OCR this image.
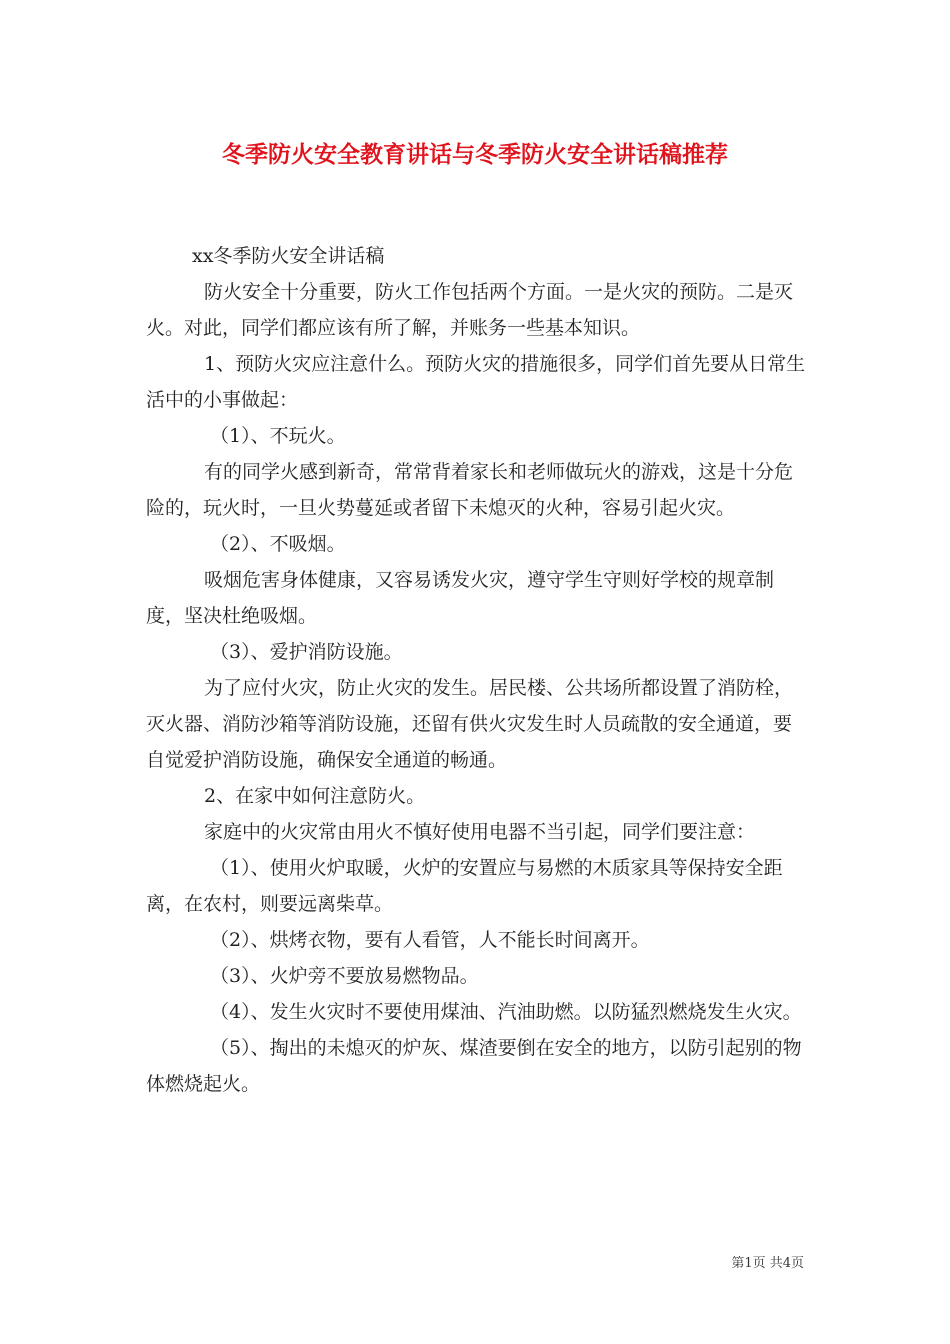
冬季防火安全教育讲话与冬季防火安全讲话稿推荐

xx冬季防火安全讲话稿

防火安全十分重要，防火工作包括两个方面。一是火灾的预防。二是灭火。对此，同学们都应该有所了解，并账务一些基本知识。

1、预防火灾应注意什么。预防火灾的措施很多，同学们首先要从日常生活中的小事做起：

（1）、不玩火。

有的同学火感到新奇，常常背着家长和老师做玩火的游戏，这是十分危险的，玩火时，一旦火势蔓延或者留下未熄灭的火种，容易引起火灾。

（2）、不吸烟。

吸烟危害身体健康，又容易诱发火灾，遵守学生守则好学校的规章制度，坚决杜绝吸烟。

（3）、爱护消防设施。

为了应付火灾，防止火灾的发生。居民楼、公共场所都设置了消防栓，灭火器、消防沙箱等消防设施，还留有供火灾发生时人员疏散的安全通道，要自觉爱护消防设施，确保安全通道的畅通。

2、在家中如何注意防火。

家庭中的火灾常由用火不慎好使用电器不当引起，同学们要注意：

（1）、使用火炉取暖，火炉的安置应与易燃的木质家具等保持安全距离，在农村，则要远离柴草。

（2）、烘烤衣物，要有人看管，人不能长时间离开。

（3）、火炉旁不要放易燃物品。

（4）、发生火灾时不要使用煤油、汽油助燃。以防猛烈燃烧发生火灾。

（5）、掏出的未熄灭的炉灰、煤渣要倒在安全的地方，以防引起别的物体燃烧起火。

第1页 共4页
